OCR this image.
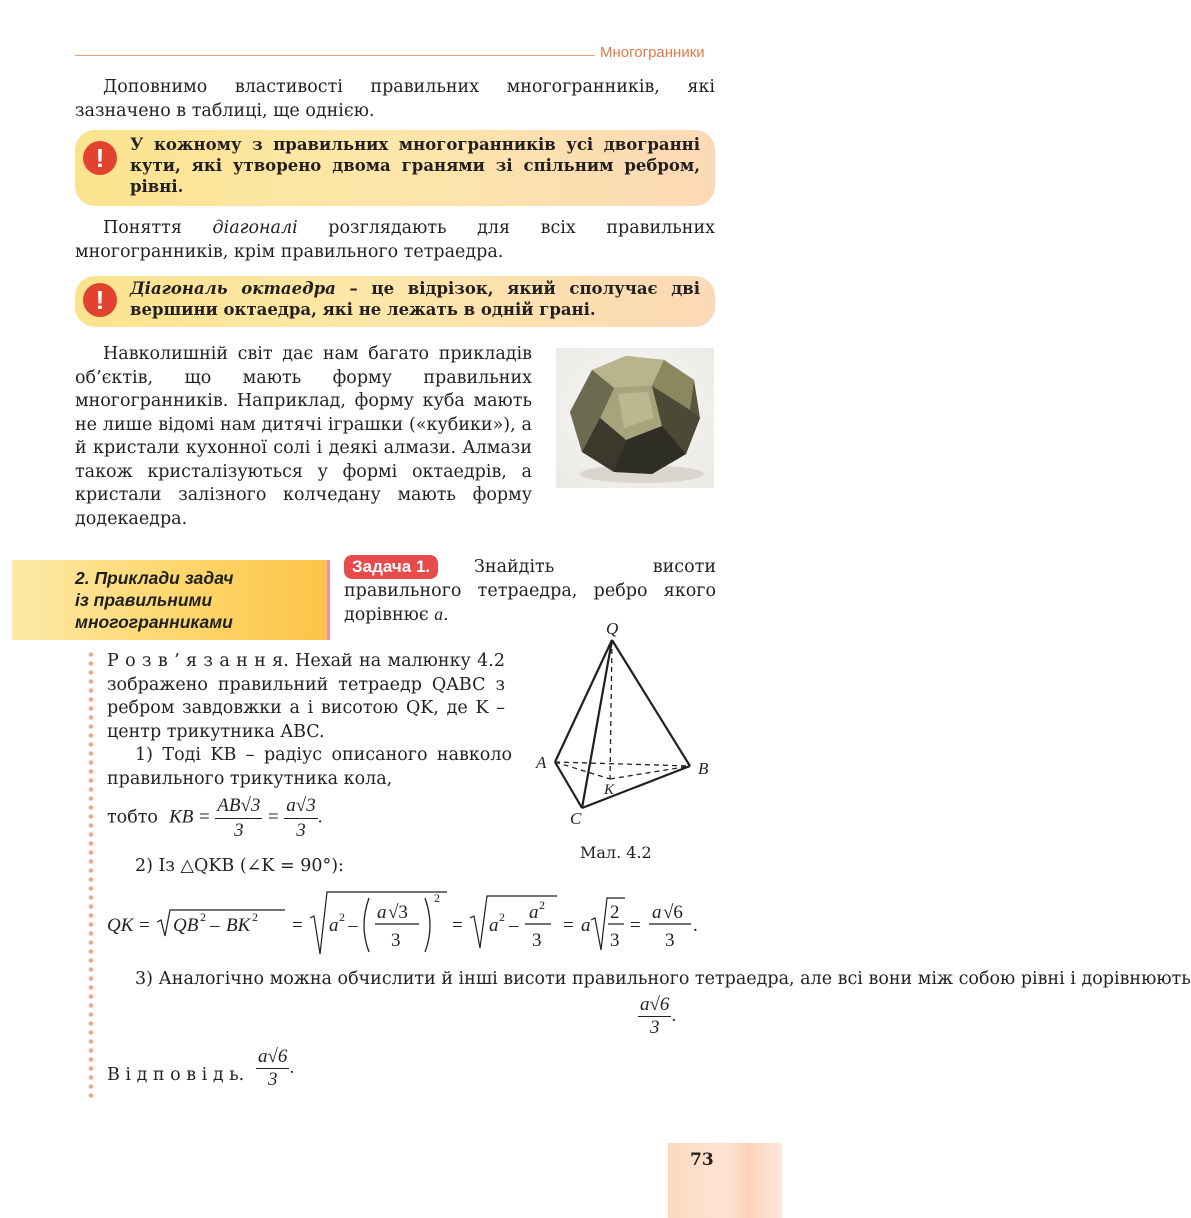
Многогранники
Доповнимо властивості правильних многогранників, які зазначено в таблиці, ще однією.
!	У кожному з правильних многогранників усі двогранні кути, які утворено двома гранями зі спільним ребром, рівні.
Поняття діагоналі розглядають для всіх правильних многогранників, крім правильного тетраедра.
!	Діагональ октаедра – це відрізок, який сполучає дві вершини октаедра, які не лежать в одній грані.
Навколишній світ дає нам багато прикладів об’єктів, що мають форму правильних многогранників. Наприклад, форму куба мають не лише відомі нам дитячі іграшки («кубики»), а й кристали кухонної солі і деякі алмази. Алмази також кристалізуються у формі октаедрів, а кристали залізного колчедану мають форму додекаедра.
2. Приклади задач
із правильними
многогранниками
Задача 1.	Знайдіть висоти правильного тетраедра, ребро якого дорівнює a.
Q
A	B
C
K
Мал. 4.2
Р о з в ’ я з а н н я. Нехай на малюнку 4.2 зображено правильний тетраедр QABC з ребром завдовжки a і висотою QK, де K – центр трикутника ABC.
1) Тоді KB – радіус описаного навколо правильного трикутника кола,
тобто KB = $\frac{AB√3}{3} = \frac{a√3}{3}$ .
2) Із △QKB (∠K = 90°):
QK = QB 2 – BK 2 = a 2 –
a √3
3
2
= a 2 –
a 2
3
= a
2
3
=
a √6
3
.
3) Аналогічно можна обчислити й інші висоти правильного тетраедра, але всі вони між собою рівні і дорівнюють
$\frac{a√6}{3}$ .
В і д п о в і д ь. $\frac{a√6}{3}$ .
73
